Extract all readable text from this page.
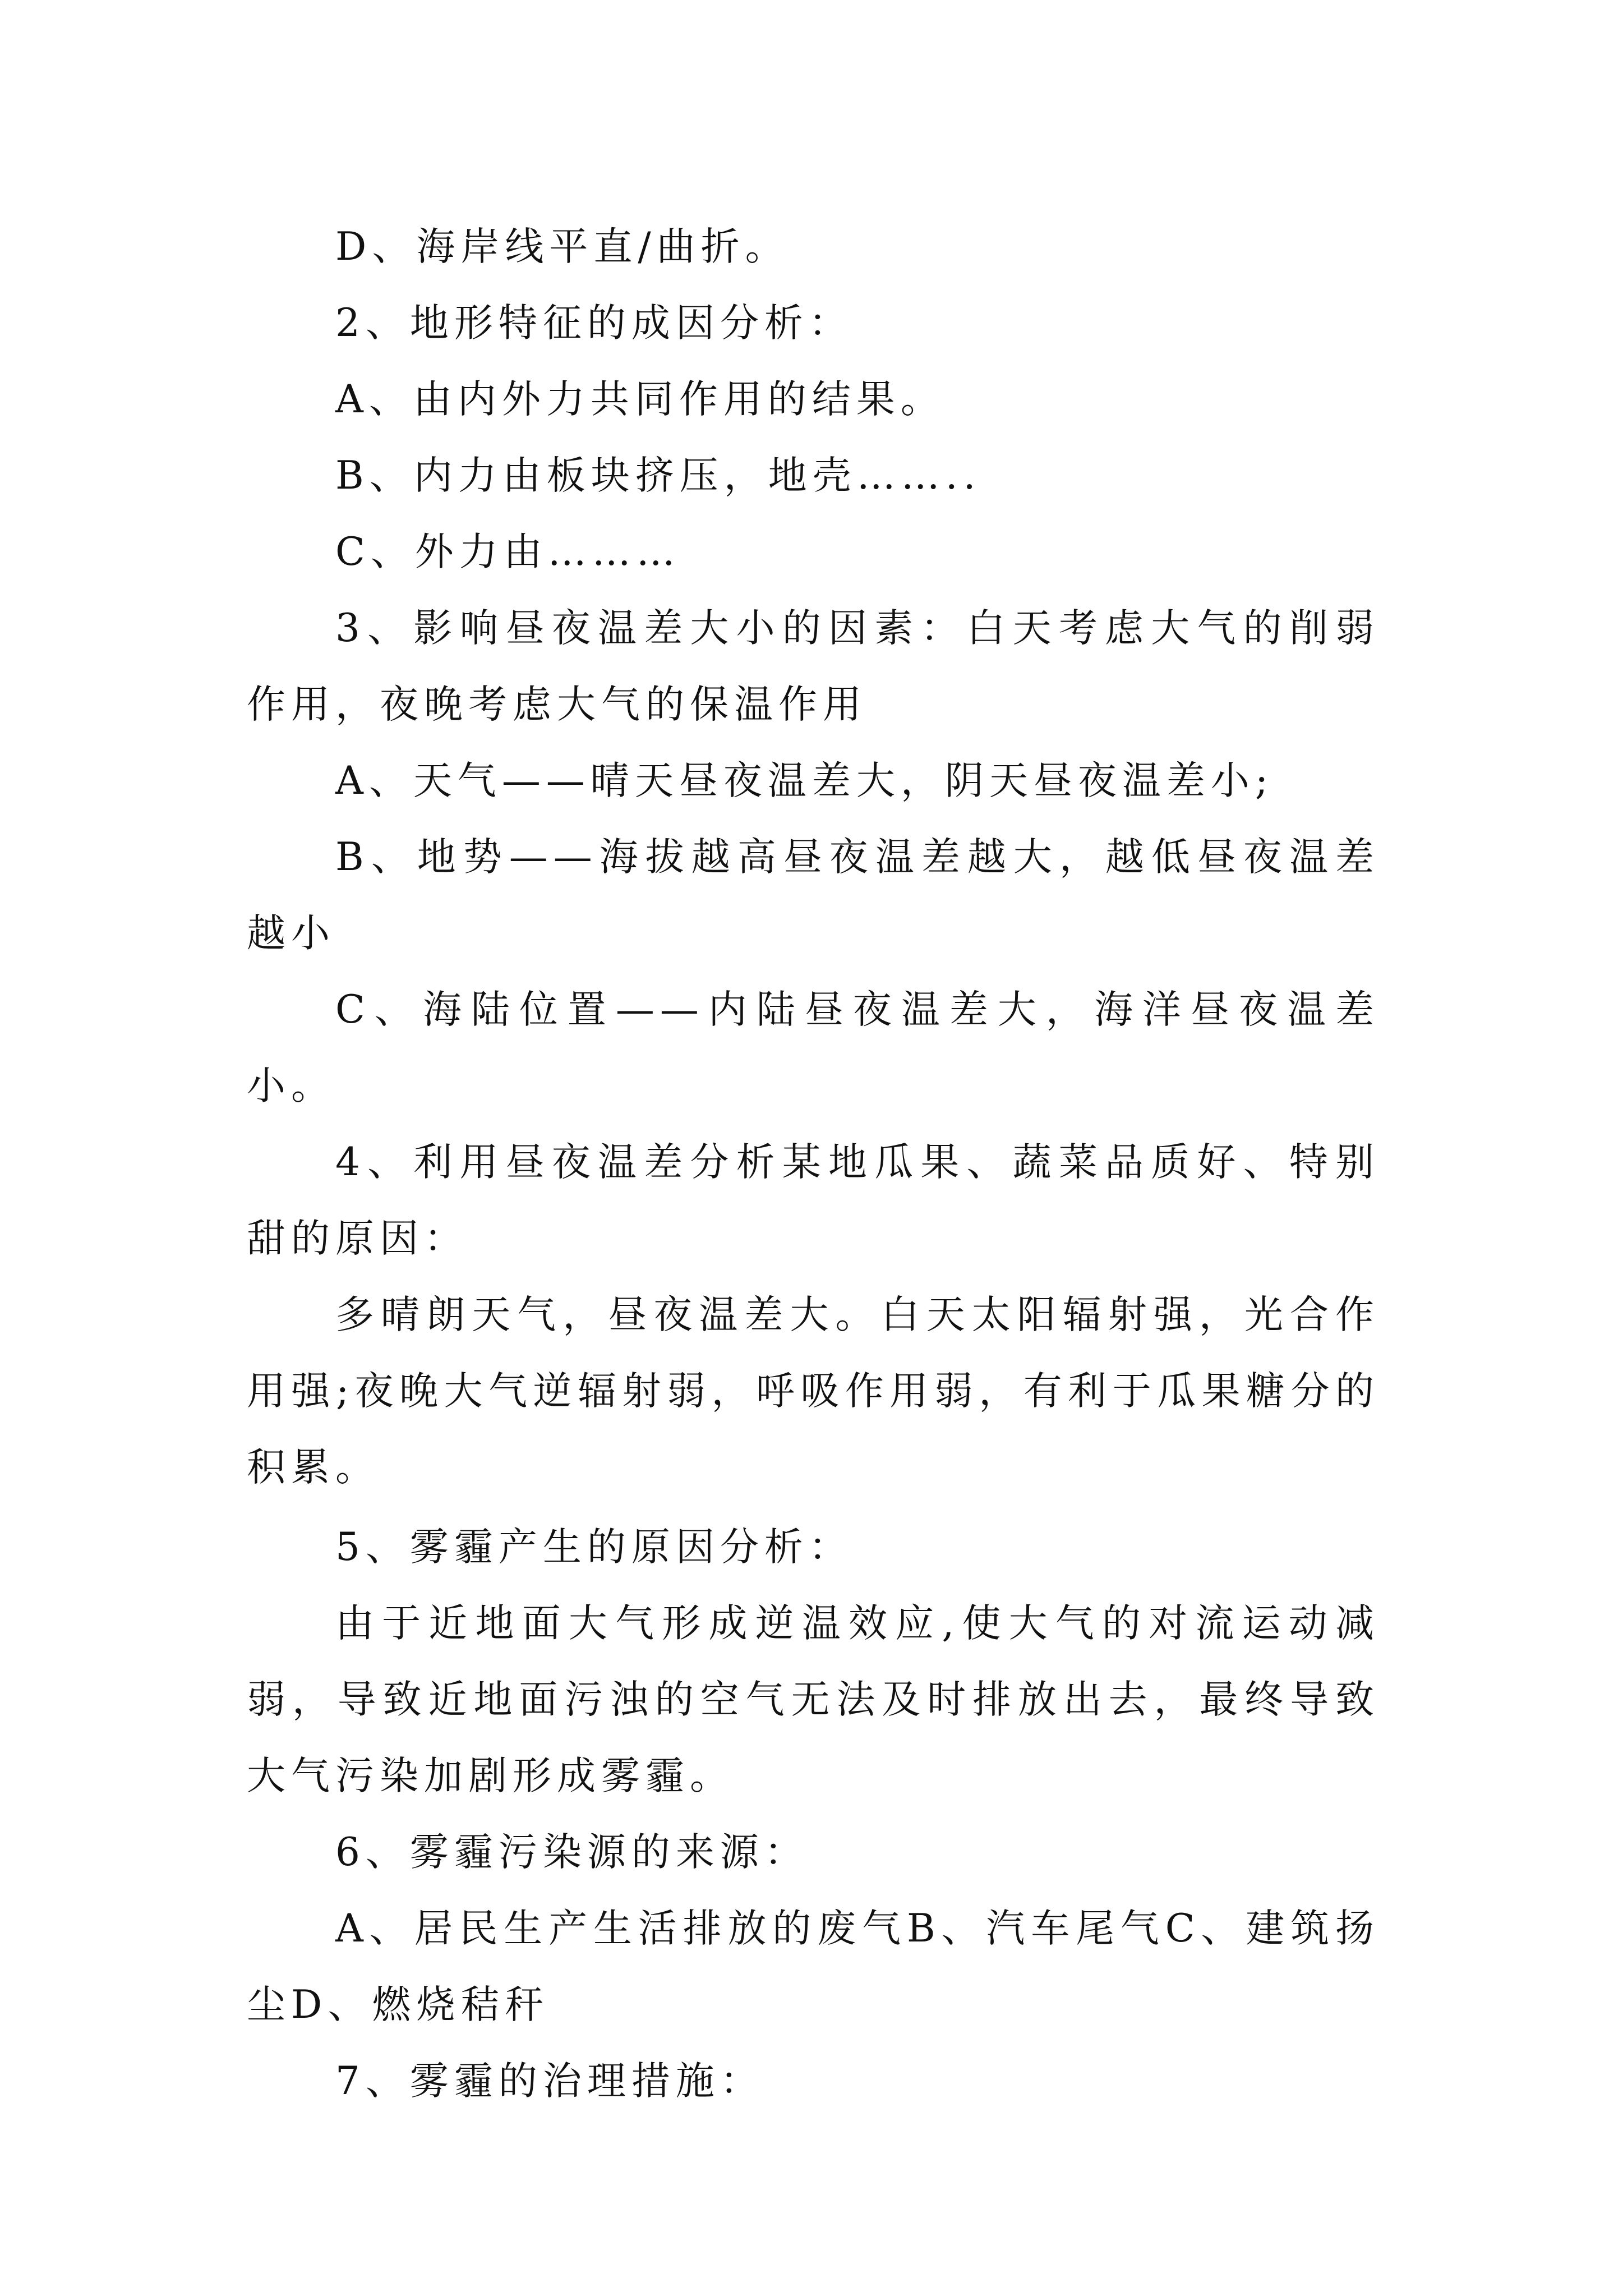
D、海岸线平直/曲折。

2、地形特征的成因分析：

A、由内外力共同作用的结果。

B、内力由板块挤压，地壳……..

C、外力由………

3、影响昼夜温差大小的因素：白天考虑大气的削弱作用，夜晚考虑大气的保温作用

A、天气——晴天昼夜温差大，阴天昼夜温差小;

B、地势——海拔越高昼夜温差越大，越低昼夜温差越小

C、海陆位置——内陆昼夜温差大，海洋昼夜温差小。

4、利用昼夜温差分析某地瓜果、蔬菜品质好、特别甜的原因：

多晴朗天气，昼夜温差大。白天太阳辐射强，光合作用强;夜晚大气逆辐射弱，呼吸作用弱，有利于瓜果糖分的积累。

5、雾霾产生的原因分析：

由于近地面大气形成逆温效应,使大气的对流运动减弱，导致近地面污浊的空气无法及时排放出去，最终导致大气污染加剧形成雾霾。

6、雾霾污染源的来源：

A、居民生产生活排放的废气B、汽车尾气C、建筑扬尘D、燃烧秸秆

7、雾霾的治理措施：
